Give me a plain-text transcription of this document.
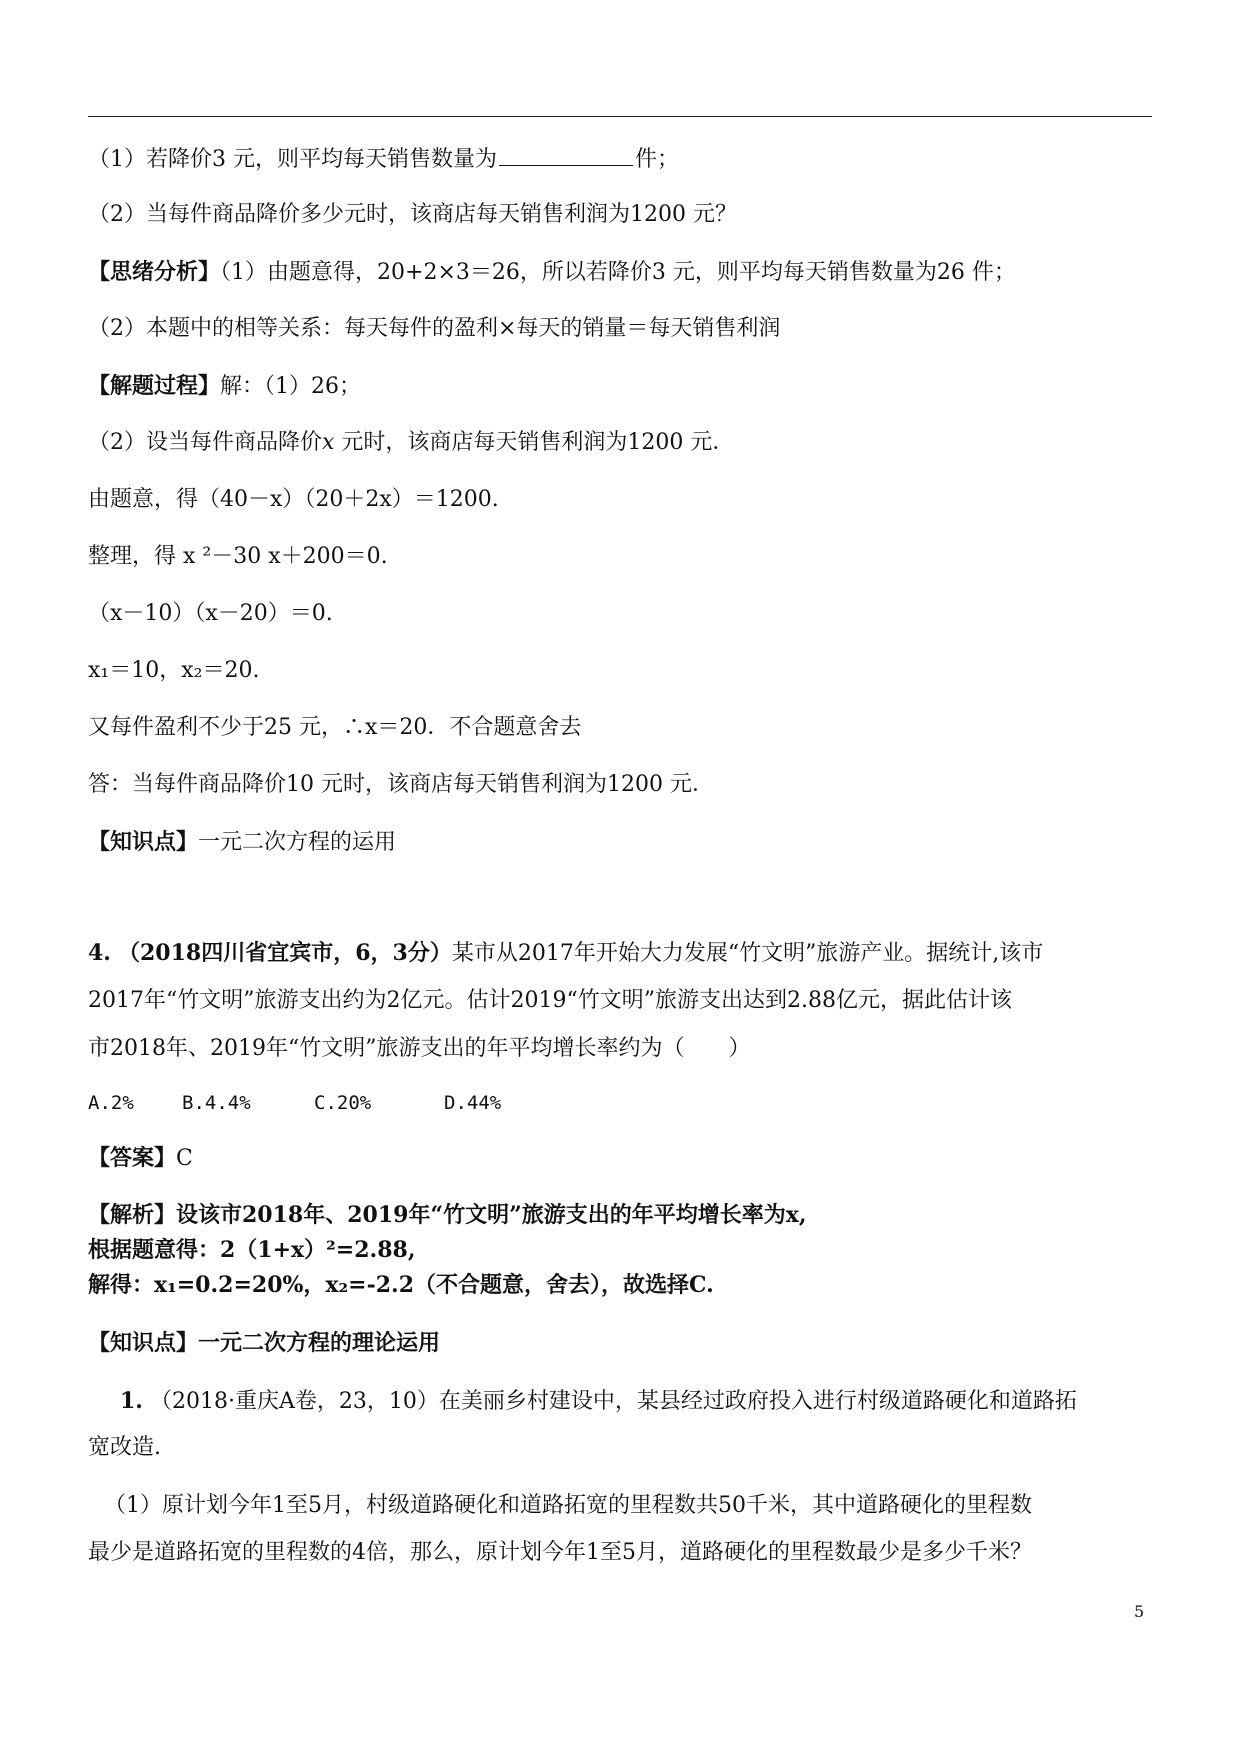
（1）若降价3 元，则平均每天销售数量为	件；
（2）当每件商品降价多少元时，该商店每天销售利润为1200 元？
【思绪分析】（1）由题意得，20+2×3＝26，所以若降价3 元，则平均每天销售数量为26 件；
（2）本题中的相等关系：每天每件的盈利×每天的销量＝每天销售利润
【解题过程】解：（1）26；
（2）设当每件商品降价x 元时，该商店每天销售利润为1200 元．
由题意，得（40－x）（20＋2x）＝1200.
整理，得 x ²－30 x＋200＝0.
（x－10）（x－20）＝0.
x₁＝10，x₂＝20.
又每件盈利不少于25 元，∴x＝20．不合题意舍去
答：当每件商品降价10 元时，该商店每天销售利润为1200 元．
【知识点】一元二次方程的运用
4. （2018四川省宜宾市，6，3分）某市从2017年开始大力发展“竹文明”旅游产业。据统计,该市
2017年“竹文明”旅游支出约为2亿元。估计2019“竹文明”旅游支出达到2.88亿元，据此估计该
市2018年、2019年“竹文明”旅游支出的年平均增长率约为（　　）
A.2%	B.4.4%	C.20%	D.44%
【答案】C
【解析】设该市2018年、2019年“竹文明”旅游支出的年平均增长率为x,
根据题意得：2（1+x）²=2.88,
解得：x₁=0.2=20%，x₂=-2.2（不合题意，舍去），故选择C.
【知识点】一元二次方程的理论运用
1. （2018·重庆A卷，23，10）在美丽乡村建设中，某县经过政府投入进行村级道路硬化和道路拓
宽改造.
（1）原计划今年1至5月，村级道路硬化和道路拓宽的里程数共50千米，其中道路硬化的里程数
最少是道路拓宽的里程数的4倍，那么，原计划今年1至5月，道路硬化的里程数最少是多少千米？
5
